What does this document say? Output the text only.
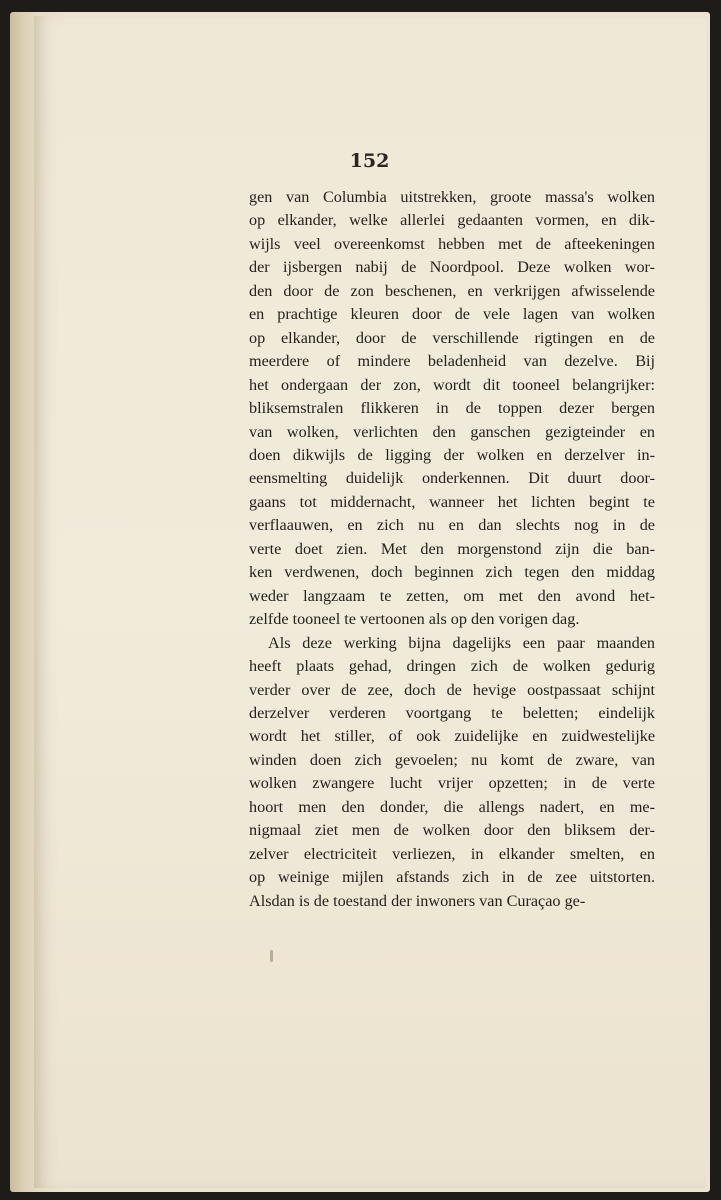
152
gen van Columbia uitstrekken, groote massa's wolken
op elkander, welke allerlei gedaanten vormen, en dik-
wijls veel overeenkomst hebben met de afteekeningen
der ijsbergen nabij de Noordpool. Deze wolken wor-
den door de zon beschenen, en verkrijgen afwisselende
en prachtige kleuren door de vele lagen van wolken
op elkander, door de verschillende rigtingen en de
meerdere of mindere beladenheid van dezelve. Bij
het ondergaan der zon, wordt dit tooneel belangrijker:
bliksemstralen flikkeren in de toppen dezer bergen
van wolken, verlichten den ganschen gezigteinder en
doen dikwijls de ligging der wolken en derzelver in-
eensmelting duidelijk onderkennen. Dit duurt door-
gaans tot middernacht, wanneer het lichten begint te
verflaauwen, en zich nu en dan slechts nog in de
verte doet zien. Met den morgenstond zijn die ban-
ken verdwenen, doch beginnen zich tegen den middag
weder langzaam te zetten, om met den avond het-
zelfde tooneel te vertoonen als op den vorigen dag.
Als deze werking bijna dagelijks een paar maanden
heeft plaats gehad, dringen zich de wolken gedurig
verder over de zee, doch de hevige oostpassaat schijnt
derzelver verderen voortgang te beletten; eindelijk
wordt het stiller, of ook zuidelijke en zuidwestelijke
winden doen zich gevoelen; nu komt de zware, van
wolken zwangere lucht vrijer opzetten; in de verte
hoort men den donder, die allengs nadert, en me-
nigmaal ziet men de wolken door den bliksem der-
zelver electriciteit verliezen, in elkander smelten, en
op weinige mijlen afstands zich in de zee uitstorten.
Alsdan is de toestand der inwoners van Curaçao ge-
